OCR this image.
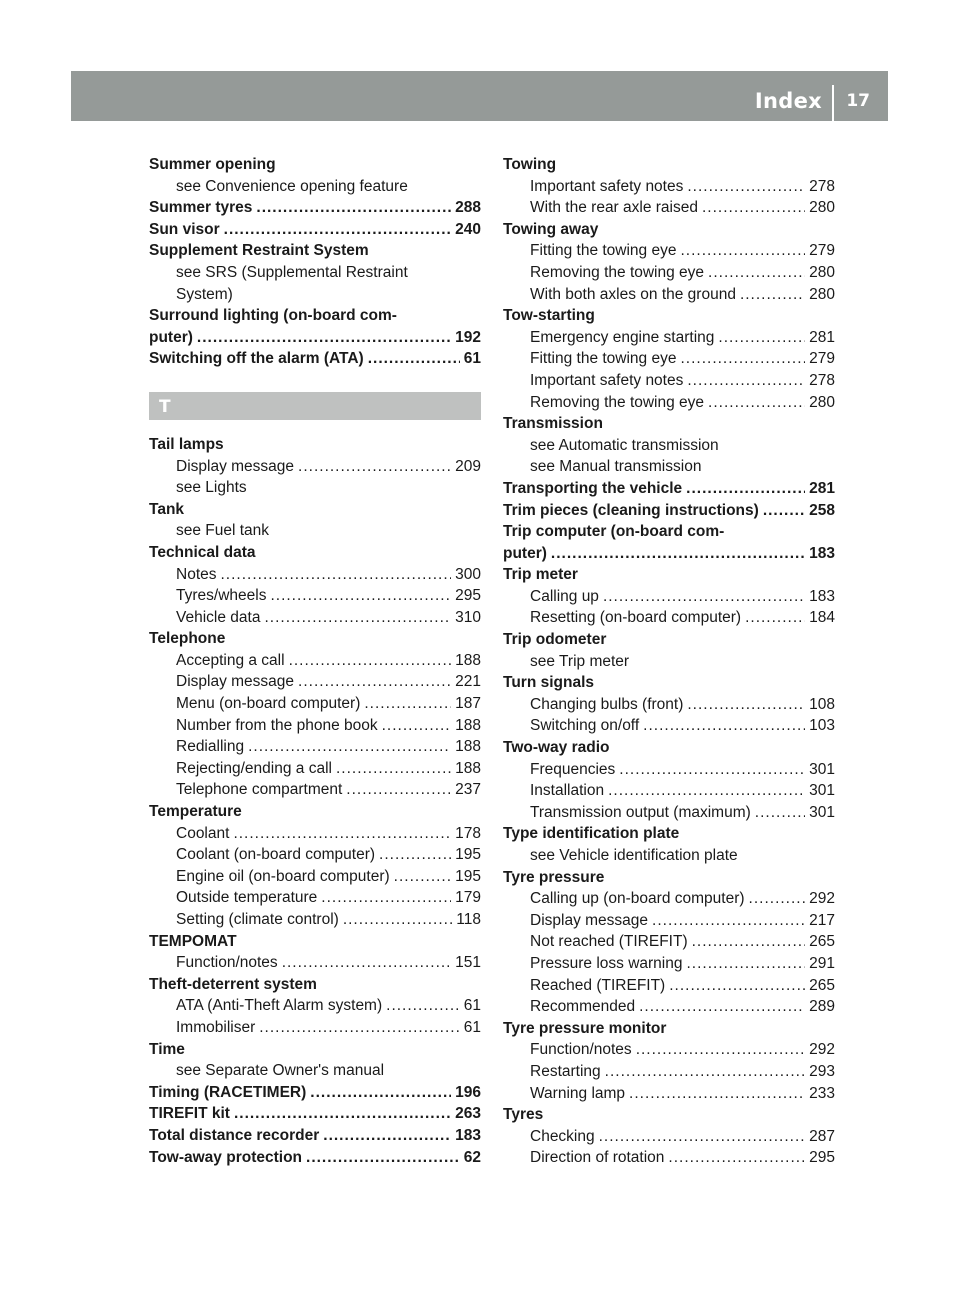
Index 17
Summer opening
see Convenience opening feature
Summer tyres .....	288
Sun visor .....	240
Supplement Restraint System
see SRS (Supplemental Restraint System)
Surround lighting (on-board com-
puter) .....	192
Switching off the alarm (ATA) .....	61
T
Tail lamps
Display message .....	209
see Lights
Tank
see Fuel tank
Technical data
Notes .....	300
Tyres/wheels .....	295
Vehicle data .....	310
Telephone
Accepting a call .....	188
Display message .....	221
Menu (on-board computer) .....	187
Number from the phone book .....	188
Redialling .....	188
Rejecting/ending a call .....	188
Telephone compartment .....	237
Temperature
Coolant .....	178
Coolant (on-board computer) .....	195
Engine oil (on-board computer) .....	195
Outside temperature .....	179
Setting (climate control) .....	118
TEMPOMAT
Function/notes .....	151
Theft-deterrent system
ATA (Anti-Theft Alarm system) .....	61
Immobiliser .....	61
Time
see Separate Owner's manual
Timing (RACETIMER) .....	196
TIREFIT kit .....	263
Total distance recorder .....	183
Tow-away protection .....	62
Towing
Important safety notes .....	278
With the rear axle raised .....	280
Towing away
Fitting the towing eye .....	279
Removing the towing eye .....	280
With both axles on the ground .....	280
Tow-starting
Emergency engine starting .....	281
Fitting the towing eye .....	279
Important safety notes .....	278
Removing the towing eye .....	280
Transmission
see Automatic transmission
see Manual transmission
Transporting the vehicle .....	281
Trim pieces (cleaning instructions) .....	258
Trip computer (on-board com-
puter) .....	183
Trip meter
Calling up .....	183
Resetting (on-board computer) .....	184
Trip odometer
see Trip meter
Turn signals
Changing bulbs (front) .....	108
Switching on/off .....	103
Two-way radio
Frequencies .....	301
Installation .....	301
Transmission output (maximum) .....	301
Type identification plate
see Vehicle identification plate
Tyre pressure
Calling up (on-board computer) .....	292
Display message .....	217
Not reached (TIREFIT) .....	265
Pressure loss warning .....	291
Reached (TIREFIT) .....	265
Recommended .....	289
Tyre pressure monitor
Function/notes .....	292
Restarting .....	293
Warning lamp .....	233
Tyres
Checking .....	287
Direction of rotation .....	295
